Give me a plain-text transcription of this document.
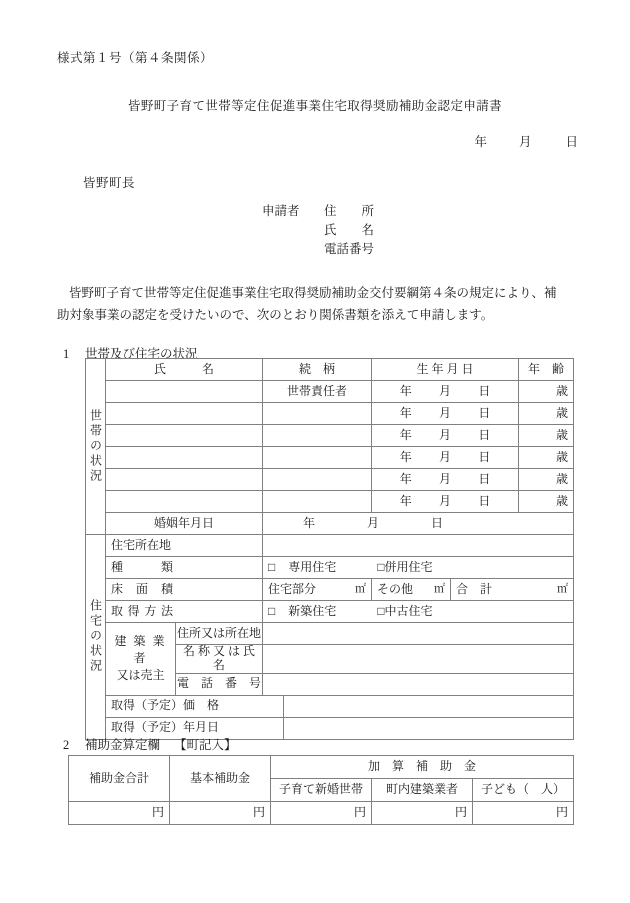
様式第１号（第４条関係）
皆野町子育て世帯等定住促進事業住宅取得奨励補助金認定申請書
年	月	日
皆野町長
申請者 住　　所
氏　　名
電話番号
皆野町子育て世帯等定住促進事業住宅取得奨励補助金交付要綱第４条の規定により、補
助対象事業の認定を受けたいので、次のとおり関係書類を添えて申請します。
1 世帯及び住宅の状況
世帯の状況	氏　　　名		続　柄		生 年 月 日		年　齢
			世帯責任者		年 月 日		歳

					年 月 日		歳

					年 月 日		歳

					年 月 日		歳

					年 月 日		歳

					年 月 日		歳
	婚姻年月日		年 月 日				

住宅の状況	住宅所在地						
	種　　　類		□ 専用住宅 □併用住宅				
	床　面　積		住宅部分 ㎡		その他 ㎡	合　計 ㎡	

	取 得 方 法		□ 新築住宅 □中古住宅				
	建 築 業 者
又は売主	住所又は所在地					
		名 称 又 は 氏 名					
		電　話　番　号					
	取得（予定）価　格						
	取得（予定）年月日						
2 補助金算定欄 【町記入】
補助金合計	基本補助金	加　算　補　助　金		
		子育て新婚世帯	町内建築業者	子ども（　人）
円	円	円	円	円
